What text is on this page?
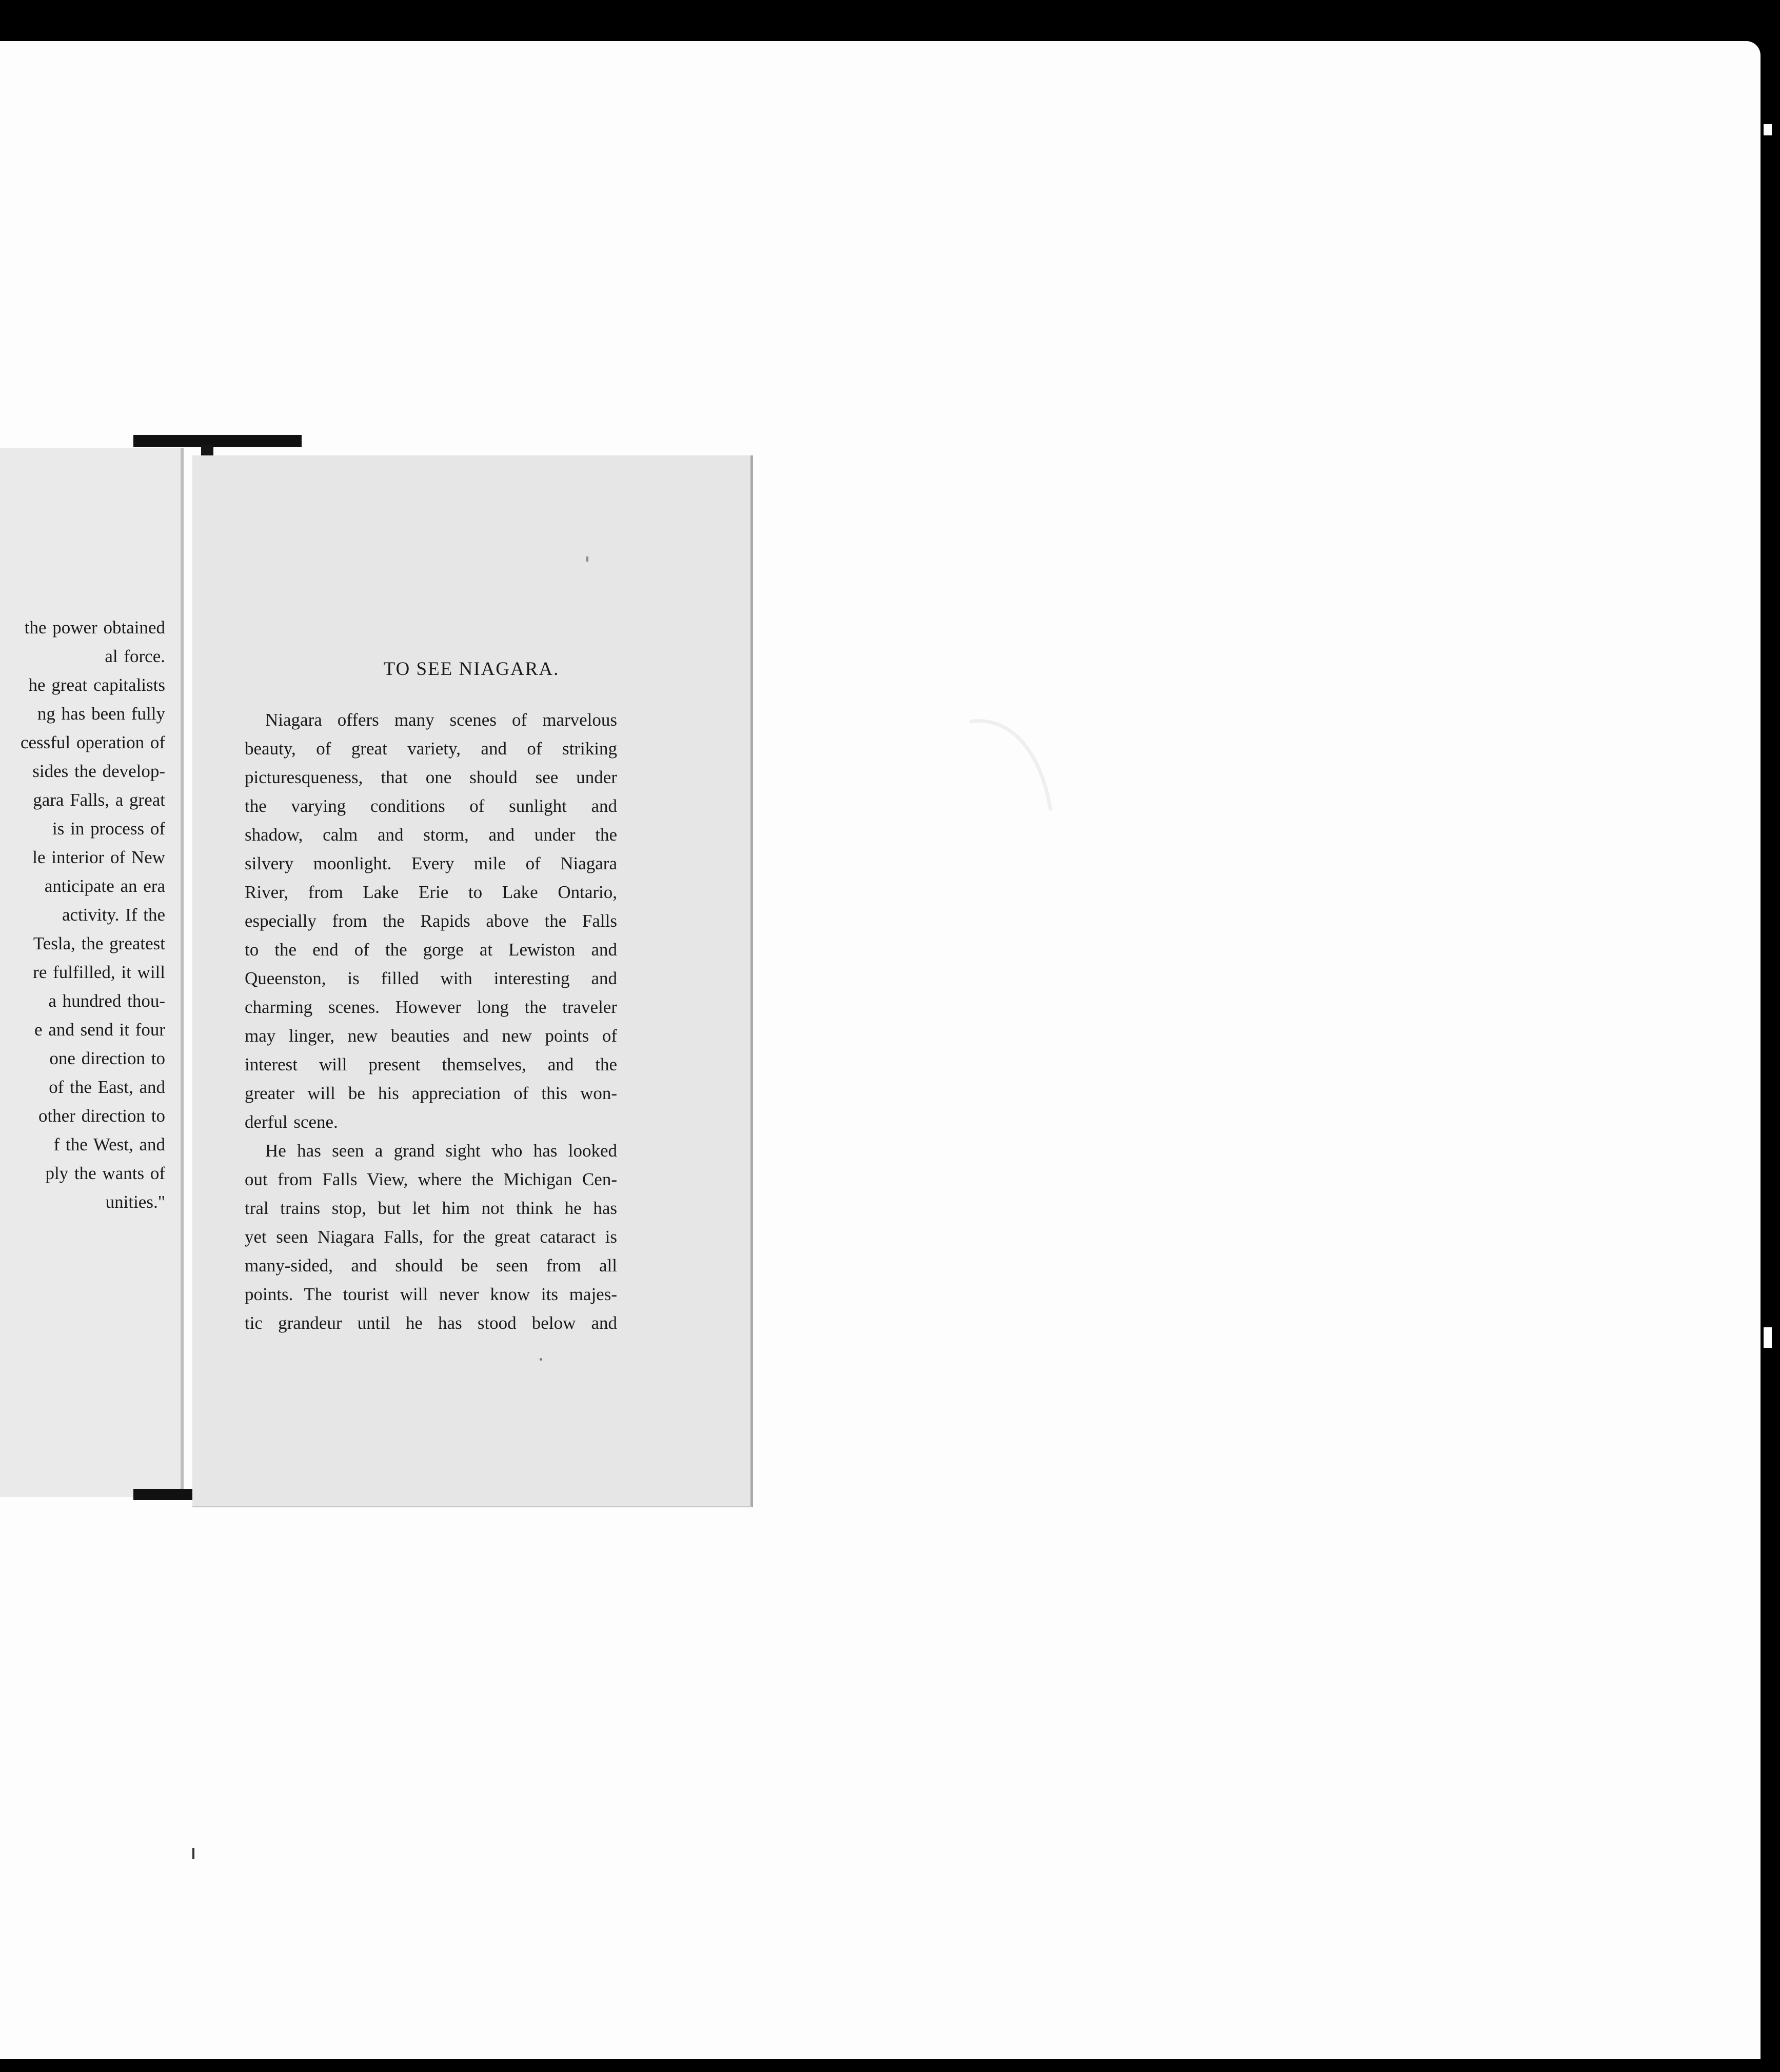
the power obtained
al force.
he great capitalists
ng has been fully
cessful operation of
sides the develop-
gara Falls, a great
is in process of
le interior of New
anticipate an era
activity. If the
Tesla, the greatest
re fulfilled, it will
a hundred thou-
e and send it four
one direction to
of the East, and
other direction to
f the West, and
ply the wants of
unities."
TO SEE NIAGARA.
Niagara offers many scenes of marvelous
beauty, of great variety, and of striking
picturesqueness, that one should see under
the varying conditions of sunlight and
shadow, calm and storm, and under the
silvery moonlight. Every mile of Niagara
River, from Lake Erie to Lake Ontario,
especially from the Rapids above the Falls
to the end of the gorge at Lewiston and
Queenston, is filled with interesting and
charming scenes. However long the traveler
may linger, new beauties and new points of
interest will present themselves, and the
greater will be his appreciation of this won-
derful scene.
He has seen a grand sight who has looked
out from Falls View, where the Michigan Cen-
tral trains stop, but let him not think he has
yet seen Niagara Falls, for the great cataract is
many-sided, and should be seen from all
points. The tourist will never know its majes-
tic grandeur until he has stood below and
